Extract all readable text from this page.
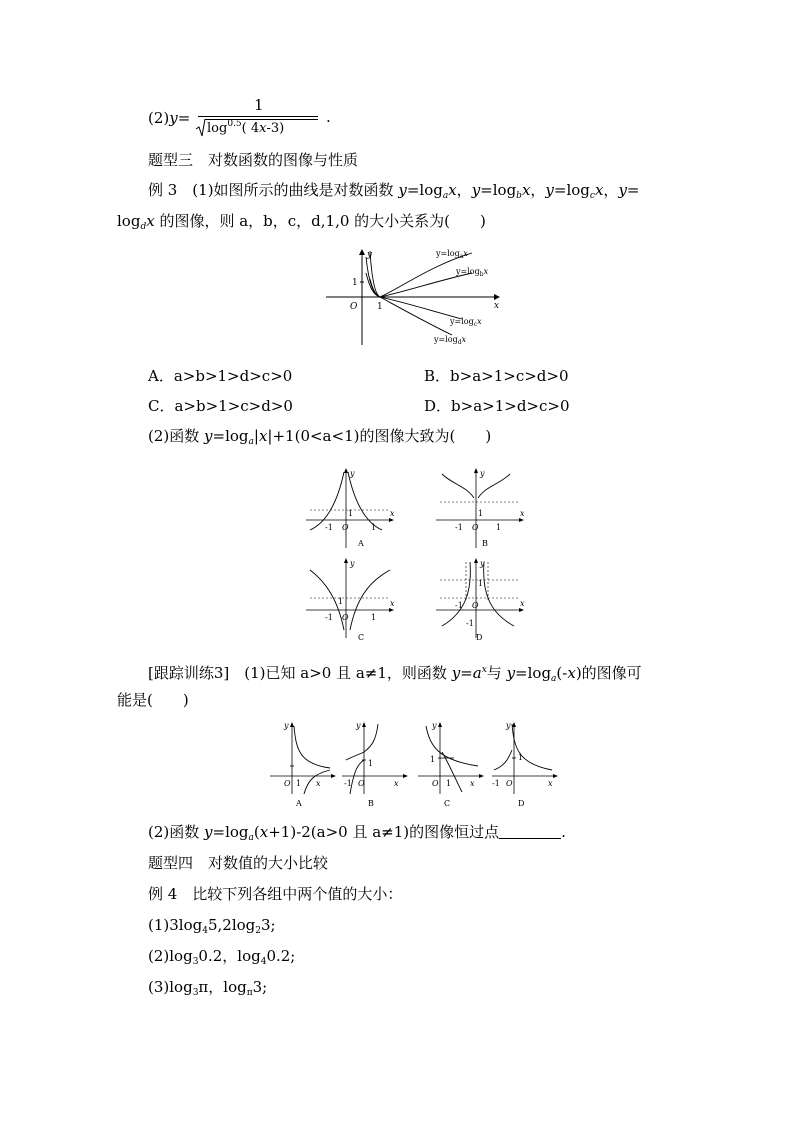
(2)y=
1
$\log^{0.5}$( 4x-3)
.
题型三　对数函数的图像与性质
例 3　(1)如图所示的曲线是对数函数 $y=\log_ax$，$y=\log_bx$，$y=\log_cx$，y=
$\log_dx$ 的图像，则 a，b，c，d,1,0 的大小关系为(　　)
y
x
1
O 1
$y=\log_ax$
$y=\log_bx$
$y=\log_cx$
$y=\log_dx$
A．a>b>1>d>c>0	B．b>a>1>c>d>0
C．a>b>1>c>d>0	D．b>a>1>d>c>0
(2)函数 $y=\log_a|x|+1(0<a<1)$的图像大致为(　　)
y
x
1
-1 O	1
A
y
x
1
-1 O 1
B
y
x
1
-1 O	1
C
y
x
1
-1 O
-1
D
[跟踪训练3]　(1)已知 a>0 且 a≠1，则函数 $y=a^x$与 $y=\log_a(-x)$的图像可
能是(　　)
y
x
O 1
A
y
x
-1 O
1
B
y
x
1
O 1
C
y
x
1
-1 O
D
(2)函数 $y=\log_a(x+1)-2(a>0$ 且 a≠1)的图像恒过点	.
题型四　对数值的大小比较
例 4　比较下列各组中两个值的大小：
$(1)3\log_45,2\log_23$;
$(2)\log_30.2$，$\log_40.2$;
$(3)\log_3\pi$，$\log_\pi 3$;
